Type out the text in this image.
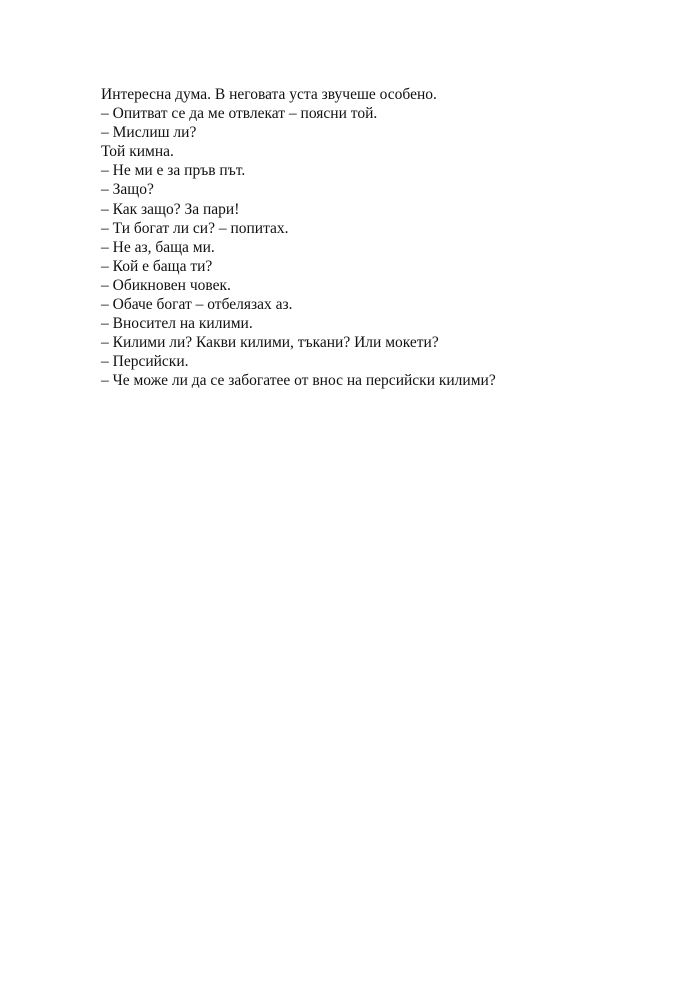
Интересна дума. В неговата уста звучеше особено.
– Опитват се да ме отвлекат – поясни той.
– Мислиш ли?
Той кимна.
– Не ми е за пръв път.
– Защо?
– Как защо? За пари!
– Ти богат ли си? – попитах.
– Не аз, баща ми.
– Кой е баща ти?
– Обикновен човек.
– Обаче богат – отбелязах аз.
– Вносител на килими.
– Килими ли? Какви килими, тъкани? Или мокети?
– Персийски.
– Че може ли да се забогатее от внос на персийски килими?
